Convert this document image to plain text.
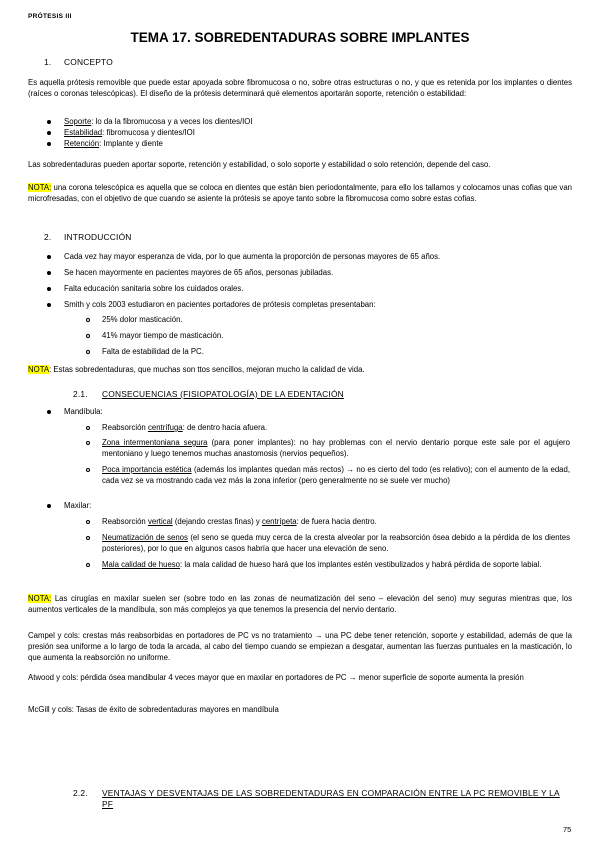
PRÓTESIS III
TEMA 17. SOBREDENTADURAS SOBRE IMPLANTES
1. CONCEPTO
Es aquella prótesis removible que puede estar apoyada sobre fibromucosa o no, sobre otras estructuras o no, y que es retenida por los implantes o dientes (raíces o coronas telescópicas). El diseño de la prótesis determinará qué elementos aportarán soporte, retención o estabilidad:
Soporte: lo da la fibromucosa y a veces los dientes/IOI
Estabilidad: fibromucosa y dientes/IOI
Retención: Implante y diente
Las sobredentaduras pueden aportar soporte, retención y estabilidad, o solo soporte y estabilidad o solo retención, depende del caso.
NOTA: una corona telescópica es aquella que se coloca en dientes que están bien periodontalmente, para ello los tallamos y colocamos unas cofias que van microfresadas, con el objetivo de que cuando se asiente la prótesis se apoye tanto sobre la fibromucosa como sobre estas cofias.
2. INTRODUCCIÓN
Cada vez hay mayor esperanza de vida, por lo que aumenta la proporción de personas mayores de 65 años.
Se hacen mayormente en pacientes mayores de 65 años, personas jubiladas.
Falta educación sanitaria sobre los cuidados orales.
Smith y cols 2003 estudiaron en pacientes portadores de prótesis completas presentaban:
25% dolor masticación.
41% mayor tiempo de masticación.
Falta de estabilidad de la PC.
NOTA: Estas sobredentaduras, que muchas son ttos sencillos, mejoran mucho la calidad de vida.
2.1. CONSECUENCIAS (FISIOPATOLOGÍA) DE LA EDENTACIÓN
Mandíbula:
Reabsorción centrífuga: de dentro hacia afuera.
Zona intermentoniana segura (para poner implantes): no hay problemas con el nervio dentario porque este sale por el agujero mentoniano y luego tenemos muchas anastomosis (nervios pequeños).
Poca importancia estética (además los implantes quedan más rectos) → no es cierto del todo (es relativo); con el aumento de la edad, cada vez se va mostrando cada vez más la zona inferior (pero generalmente no se suele ver mucho)
Maxilar:
Reabsorción vertical (dejando crestas finas) y centrípeta: de fuera hacia dentro.
Neumatización de senos (el seno se queda muy cerca de la cresta alveolar por la reabsorción ósea debido a la pérdida de los dientes posteriores), por lo que en algunos casos habría que hacer una elevación de seno.
Mala calidad de hueso: la mala calidad de hueso hará que los implantes estén vestibulizados y habrá pérdida de soporte labial.
NOTA: Las cirugías en maxilar suelen ser (sobre todo en las zonas de neumatización del seno – elevación del seno) muy seguras mientras que, los aumentos verticales de la mandíbula, son más complejos ya que tenemos la presencia del nervio dentario.
Campel y cols: crestas más reabsorbidas en portadores de PC vs no tratamiento → una PC debe tener retención, soporte y estabilidad, además de que la presión sea uniforme a lo largo de toda la arcada, al cabo del tiempo cuando se empiezan a desgatar, aumentan las fuerzas puntuales en la masticación, lo que aumenta la reabsorción no uniforme.
Atwood y cols: pérdida ósea mandibular 4 veces mayor que en maxilar en portadores de PC → menor superficie de soporte aumenta la presión
McGill y cols: Tasas de éxito de sobredentaduras mayores en mandíbula
2.2. VENTAJAS Y DESVENTAJAS DE LAS SOBREDENTADURAS EN COMPARACIÓN ENTRE LA PC REMOVIBLE Y LA PF
75
